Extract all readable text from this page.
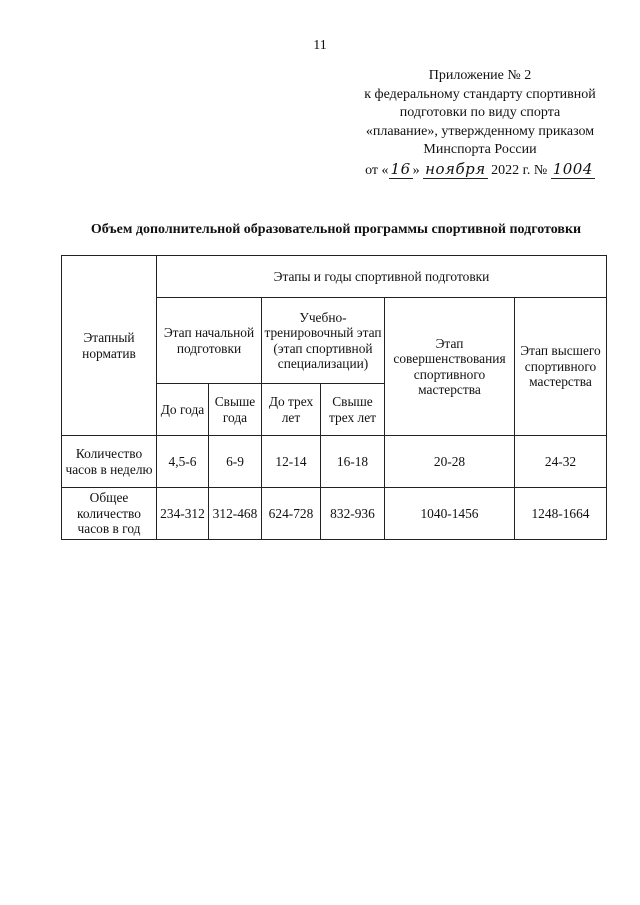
11
Приложение № 2
к федеральному стандарту спортивной
подготовки по виду спорта
«плавание», утвержденному приказом
Минспорта России
от « 16 » ноября 2022 г. № 1004
Объем дополнительной образовательной программы спортивной подготовки
Этапный норматив	Этапы и годы спортивной подготовки					
	Этап начальной подготовки		Учебно-тренировочный этап (этап спортивной специализации)		Этап совершенствования спортивного мастерства	Этап высшего спортивного мастерства
	До года	Свыше года	До трех лет	Свыше трех лет		
Количество часов в неделю	4,5-6	6-9	12-14	16-18	20-28	24-32
Общее количество часов в год	234-312	312-468	624-728	832-936	1040-1456	1248-1664
